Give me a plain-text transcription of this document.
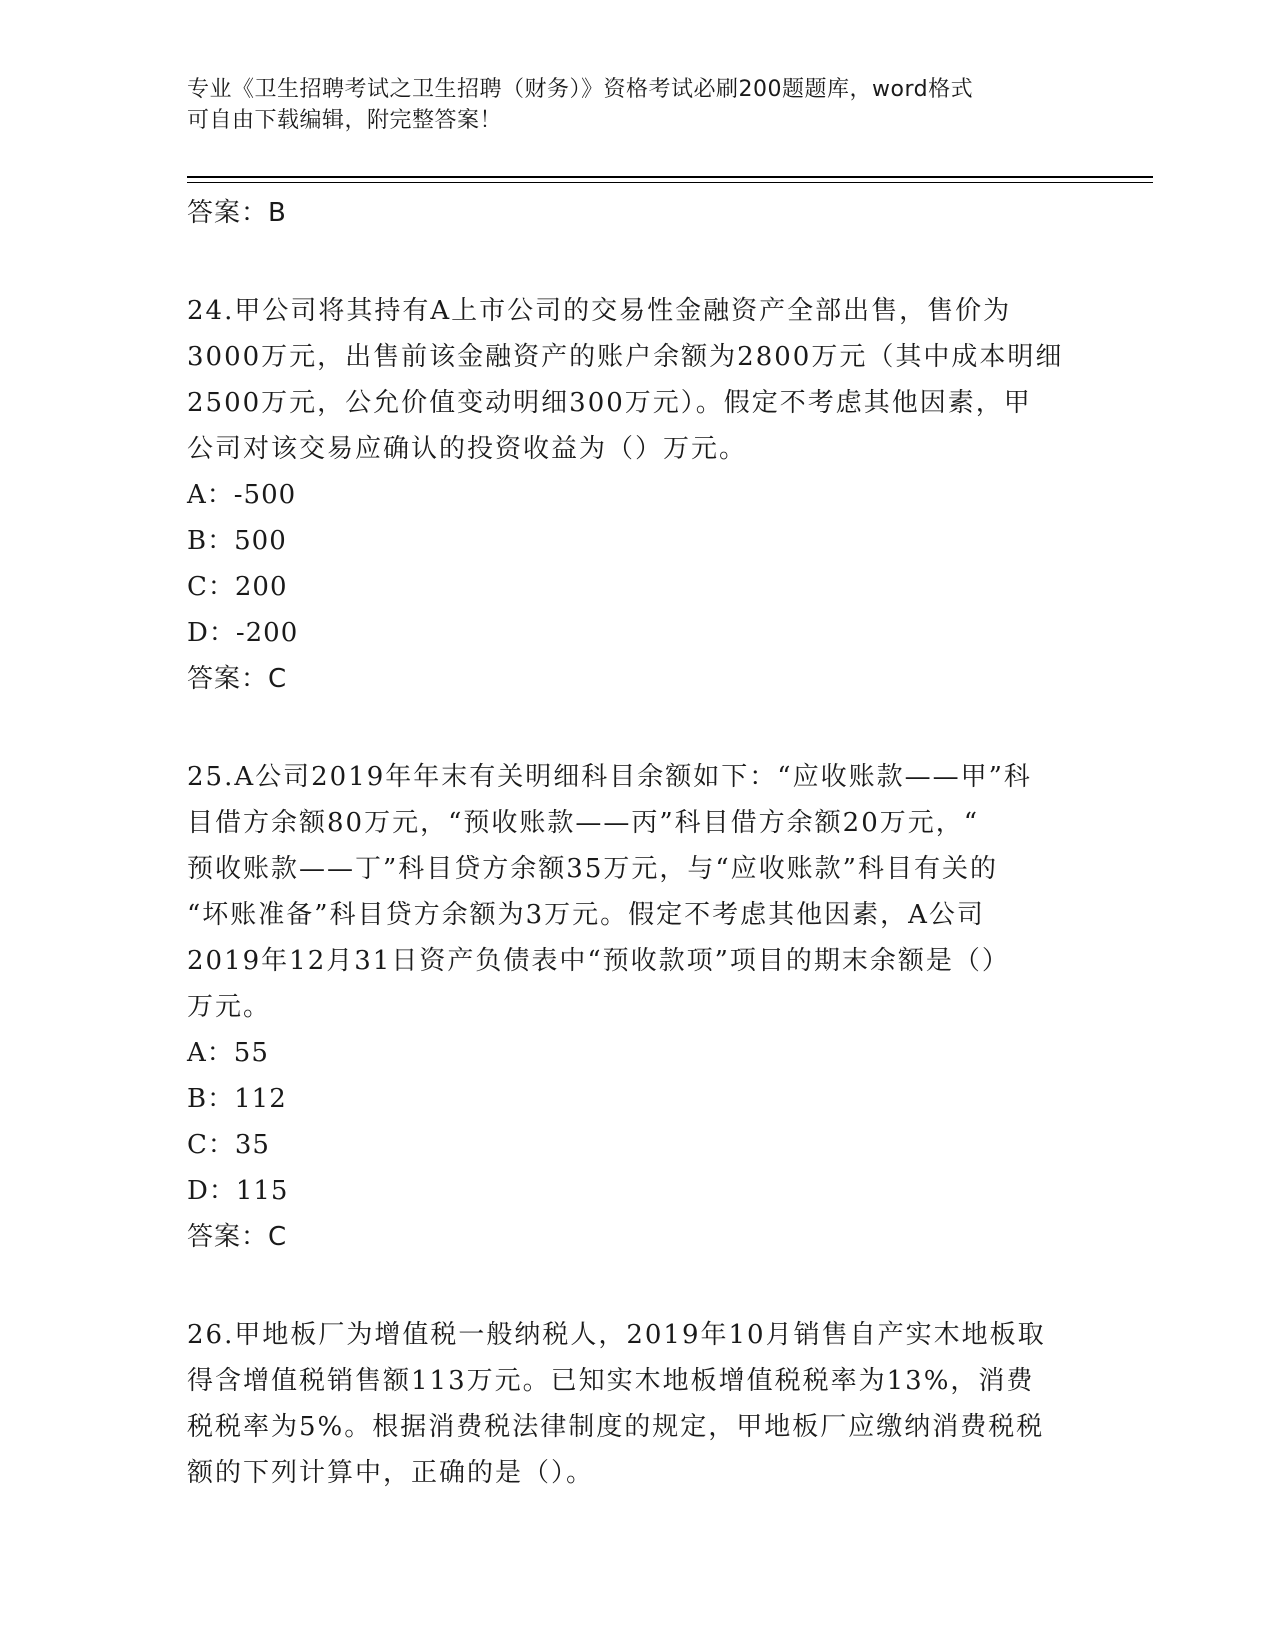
专业《卫生招聘考试之卫生招聘（财务）》资格考试必刷200题题库，word格式
可自由下载编辑，附完整答案！
答案：B
24.甲公司将其持有A上市公司的交易性金融资产全部出售，售价为
3000万元，出售前该金融资产的账户余额为2800万元（其中成本明细
2500万元，公允价值变动明细300万元）。假定不考虑其他因素，甲
公司对该交易应确认的投资收益为（）万元。
A：-500
B：500
C：200
D：-200
答案：C
25.A公司2019年年末有关明细科目余额如下：“应收账款——甲”科
目借方余额80万元，“预收账款——丙”科目借方余额20万元，“
预收账款——丁”科目贷方余额35万元，与“应收账款”科目有关的
“坏账准备”科目贷方余额为3万元。假定不考虑其他因素，A公司
2019年12月31日资产负债表中“预收款项”项目的期末余额是（）
万元。
A：55
B：112
C：35
D：115
答案：C
26.甲地板厂为增值税一般纳税人，2019年10月销售自产实木地板取
得含增值税销售额113万元。已知实木地板增值税税率为13%，消费
税税率为5%。根据消费税法律制度的规定，甲地板厂应缴纳消费税税
额的下列计算中，正确的是（）。
